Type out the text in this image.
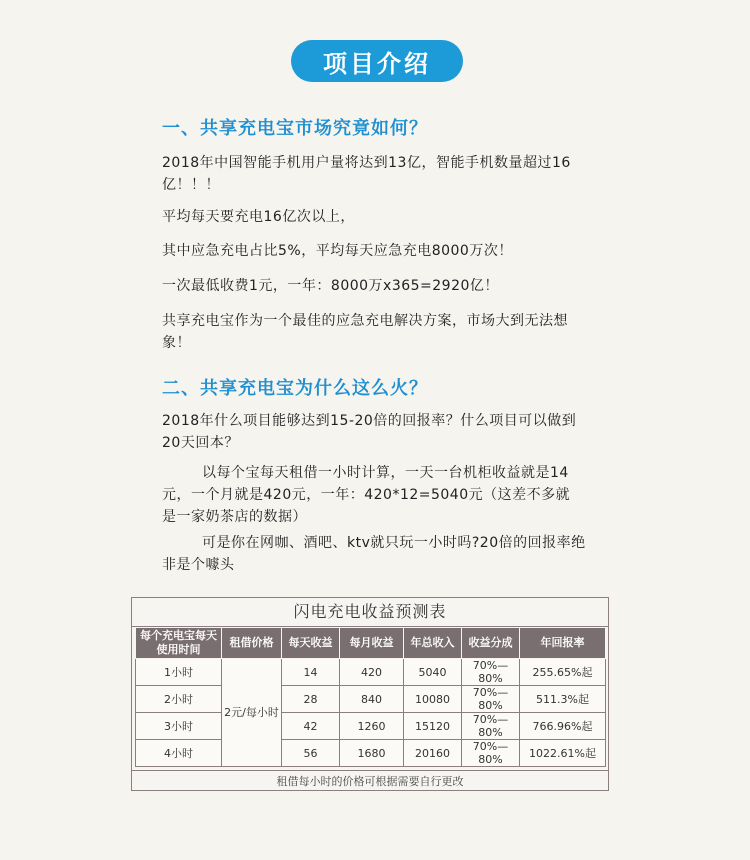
项目介绍
一、共享充电宝市场究竟如何？
2018年中国智能手机用户量将达到13亿，智能手机数量超过16亿！！！
平均每天要充电16亿次以上，
其中应急充电占比5%，平均每天应急充电8000万次！
一次最低收费1元，一年：8000万x365=2920亿！
共享充电宝作为一个最佳的应急充电解决方案，市场大到无法想象！
二、共享充电宝为什么这么火？
2018年什么项目能够达到15-20倍的回报率？什么项目可以做到20天回本？
以每个宝每天租借一小时计算，一天一台机柜收益就是14元，一个月就是420元，一年：420*12=5040元（这差不多就是一家奶茶店的数据）
可是你在网咖、酒吧、ktv就只玩一小时吗?20倍的回报率绝非是个噱头
闪电充电收益预测表
每个充电宝每天使用时间	租借价格	每天收益	每月收益	年总收入	收益分成	年回报率
1小时	2元/每小时	14	420	5040	70%—80%	255.65%起
2小时		28	840	10080	70%—80%	511.3%起
3小时		42	1260	15120	70%—80%	766.96%起
4小时		56	1680	20160	70%—80%	1022.61%起
租借每小时的价格可根据需要自行更改
